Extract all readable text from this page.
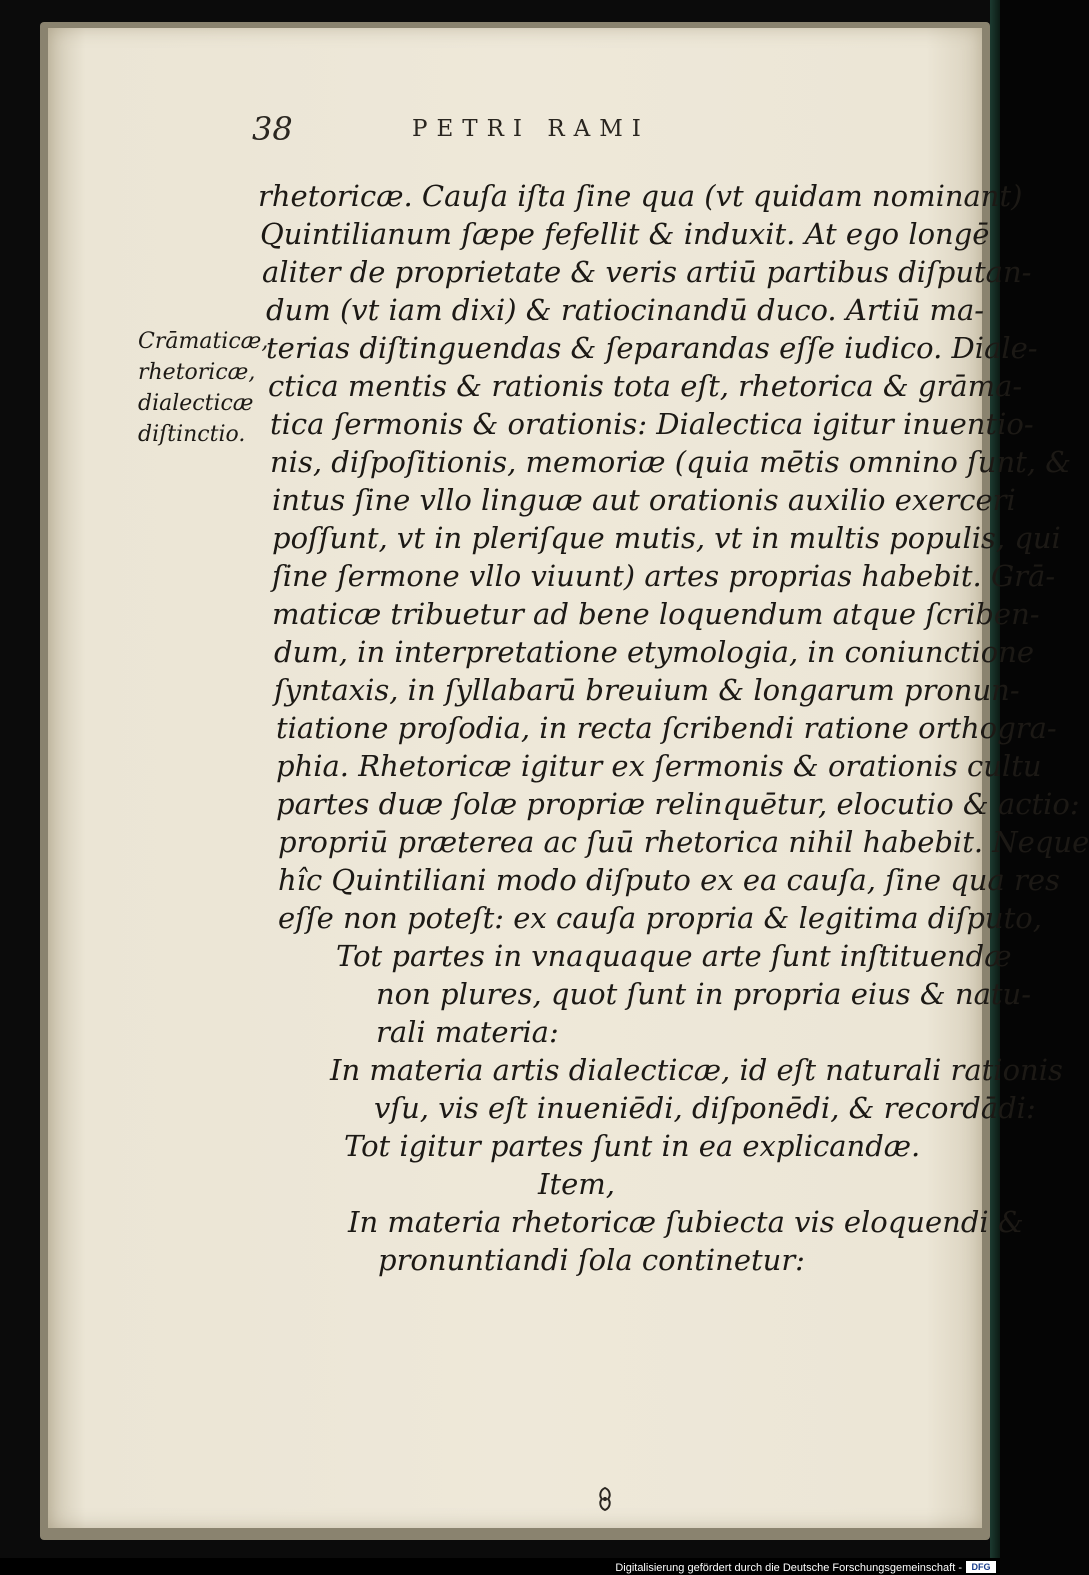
38	PETRI RAMI
Crāmaticæ,
rhetoricæ,
dialecticæ
diſtinctio.
rhetoricæ. Cauſa iſta ſine qua (vt quidam nominant)
Quintilianum ſæpe fefellit & induxit. At ego longē
aliter de proprietate & veris artiū partibus diſputan-
dum (vt iam dixi) & ratiocinandū duco. Artiū ma-
terias diſtinguendas & ſeparandas eſſe iudico. Diale-
ctica mentis & rationis tota eſt, rhetorica & grāma-
tica ſermonis & orationis: Dialectica igitur inuentio-
nis, diſpoſitionis, memoriæ (quia mētis omnino ſunt, &
intus ſine vllo linguæ aut orationis auxilio exerceri
poſſunt, vt in pleriſque mutis, vt in multis populis, qui
ſine ſermone vllo viuunt) artes proprias habebit. Grā-
maticæ tribuetur ad bene loquendum atque ſcriben-
dum, in interpretatione etymologia, in coniunctione
ſyntaxis, in ſyllabarū breuium & longarum pronun-
tiatione proſodia, in recta ſcribendi ratione orthogra-
phia. Rhetoricæ igitur ex ſermonis & orationis cultu
partes duæ ſolæ propriæ relinquētur, elocutio & actio:
propriū præterea ac ſuū rhetorica nihil habebit. Neque
hîc Quintiliani modo diſputo ex ea cauſa, ſine qua res
eſſe non poteſt: ex cauſa propria & legitima diſputo,
Tot partes in vnaquaque arte ſunt inſtituendæ
non plures, quot ſunt in propria eius & natu-
rali materia:
In materia artis dialecticæ, id eſt naturali rationis
vſu, vis eſt inueniēdi, diſponēdi, & recordādi:
Tot igitur partes ſunt in ea explicandæ.
Item,
In materia rhetoricæ ſubiecta vis eloquendi &
pronuntiandi ſola continetur:
Digitalisierung gefördert durch die Deutsche Forschungsgemeinschaft -	DFG
